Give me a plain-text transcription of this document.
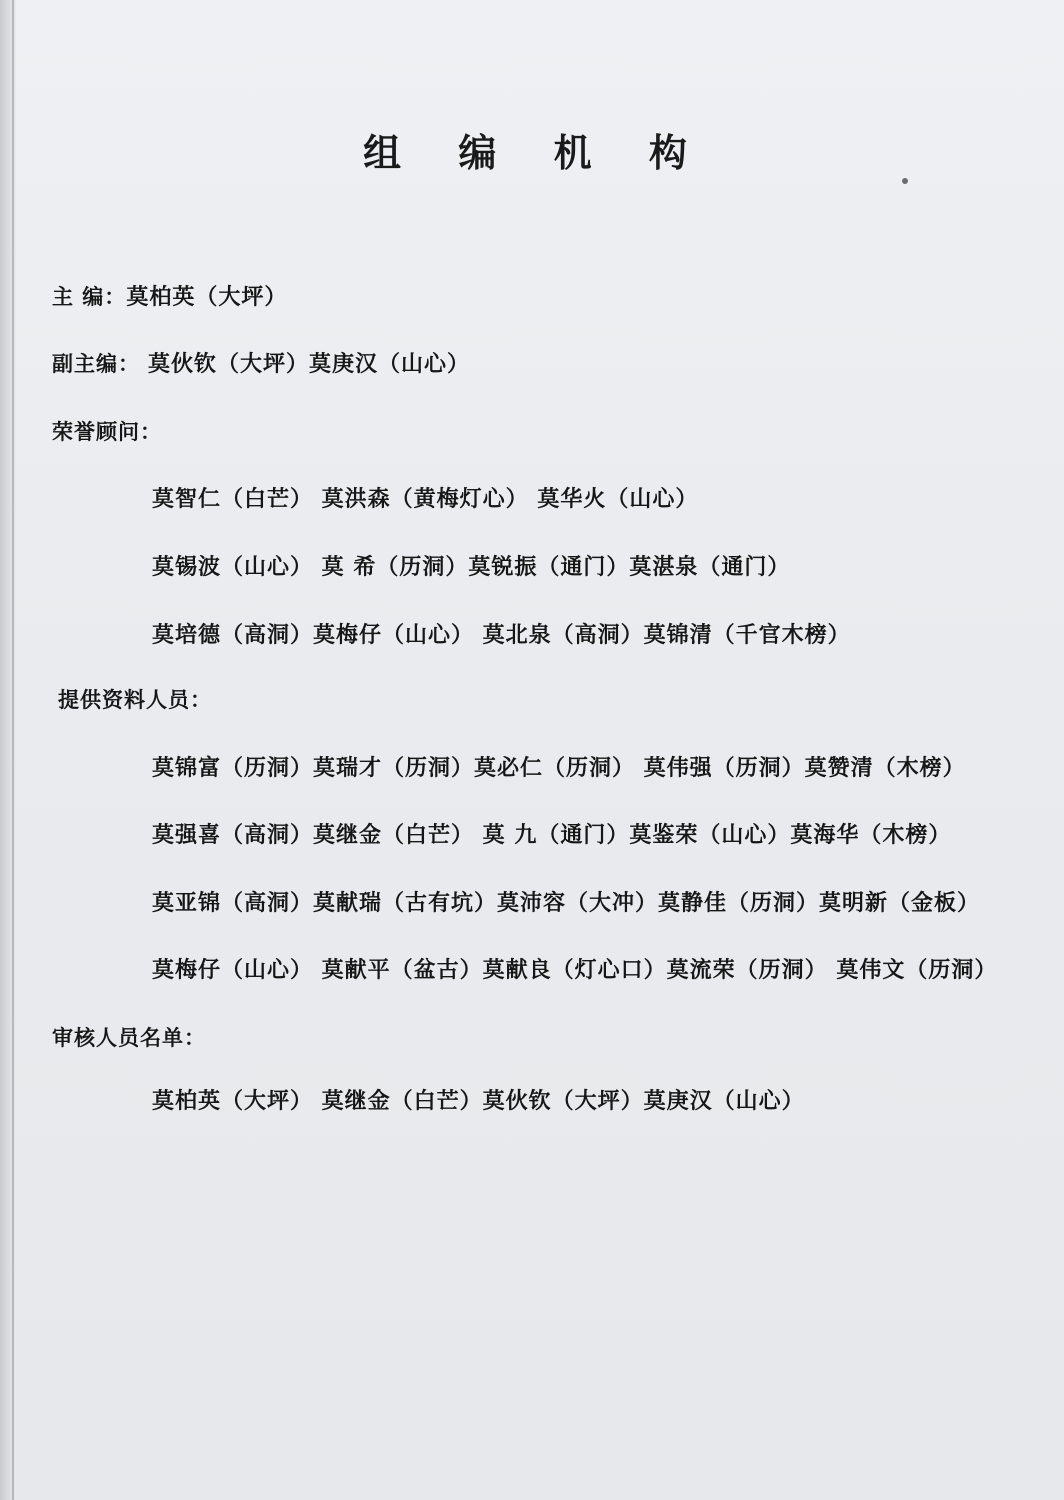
组 编 机 构
主 编：莫柏英（大坪）
副主编： 莫伙钦（大坪）莫庚汉（山心）
荣誉顾问：
莫智仁（白芒） 莫洪森（黄梅灯心） 莫华火（山心）
莫锡波（山心） 莫 希（历洞）莫锐振（通门）莫湛泉（通门）
莫培德（高洞）莫梅仔（山心） 莫北泉（高洞）莫锦清（千官木榜）
提供资料人员：
莫锦富（历洞）莫瑞才（历洞）莫必仁（历洞） 莫伟强（历洞）莫赞清（木榜）
莫强喜（高洞）莫继金（白芒） 莫 九（通门）莫鉴荣（山心）莫海华（木榜）
莫亚锦（高洞）莫献瑞（古有坑）莫沛容（大冲）莫静佳（历洞）莫明新（金板）
莫梅仔（山心） 莫献平（盆古）莫献良（灯心口）莫流荣（历洞） 莫伟文（历洞）
审核人员名单：
莫柏英（大坪） 莫继金（白芒）莫伙钦（大坪）莫庚汉（山心）
